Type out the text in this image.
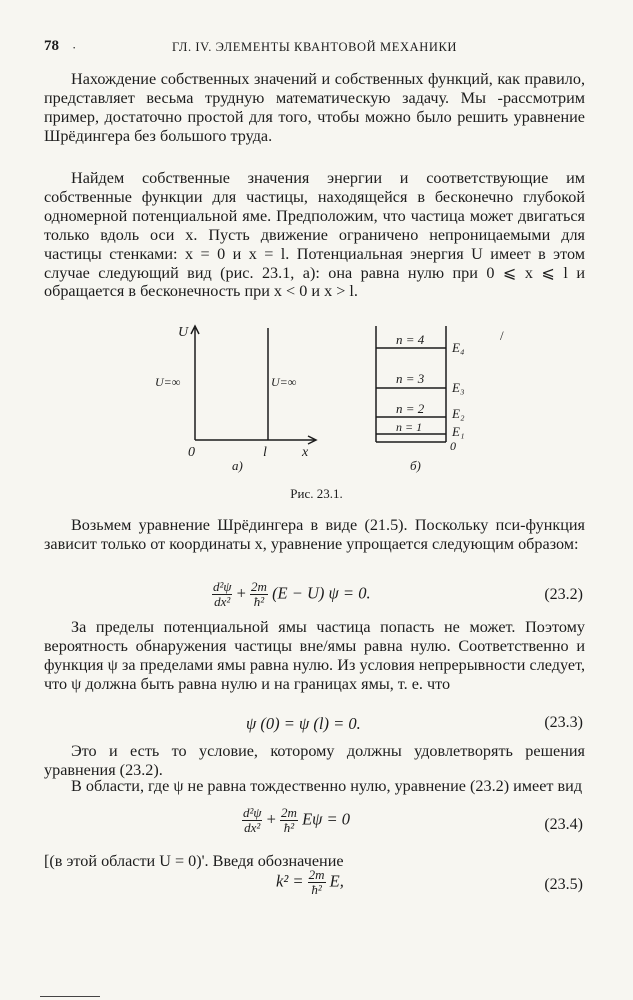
78 ·	ГЛ. IV. ЭЛЕМЕНТЫ КВАНТОВОЙ МЕХАНИКИ

Нахождение собственных значений и собственных функций, как правило, представляет весьма трудную математическую задачу. Мы -рассмотрим пример, достаточно простой для того, чтобы можно было решить уравнение Шрёдингера без большого труда.

Найдем собственные значения энергии и соответствующие им собственные функции для частицы, находящейся в бесконечно глубокой одномерной потенциальной яме. Предположим, что частица может двигаться только вдоль оси x. Пусть движение ограничено непроницаемыми для частицы стенками: x = 0 и x = l. Потенциальная энергия U имеет в этом случае следующий вид (рис. 23.1, a): она равна нулю при 0 ⩽ x ⩽ l и обращается в бесконечность при x < 0 и x > l.

U
U=∞	U=∞
0	l	x
а)
n = 4
n = 3
n = 2
n = 1
E₄
E₃
E₂
E₁
0
б)
/
Рис. 23.1.

Возьмем уравнение Шрёдингера в виде (21.5). Поскольку пси-функция зависит только от координаты x, уравнение упрощается следующим образом:

$\frac{\text{d²ψ}}{\text{dx²}} + \frac{2m}{\text{ħ²}} (E - U) \psi = 0$.	(23.2)

За пределы потенциальной ямы частица попасть не может. Поэтому вероятность обнаружения частицы вне/ямы равна нулю. Соответственно и функция ψ за пределами ямы равна нулю. Из условия непрерывности следует, что ψ должна быть равна нулю и на границах ямы, т. е. что

ψ (0) = ψ (l) = 0.	(23.3)

Это и есть то условие, которому должны удовлетворять решения уравнения (23.2).

В области, где ψ не равна тождественно нулю, уравнение (23.2) имеет вид

$\frac{\text{d²ψ}}{\text{dx²}} + \frac{2m}{\text{ħ²}}$ Eψ = 0	(23.4)

[(в этой области U = 0)'. Введя обозначение

$k^2 = \frac{2m}{\text{ħ²}} E$,	(23.5)
